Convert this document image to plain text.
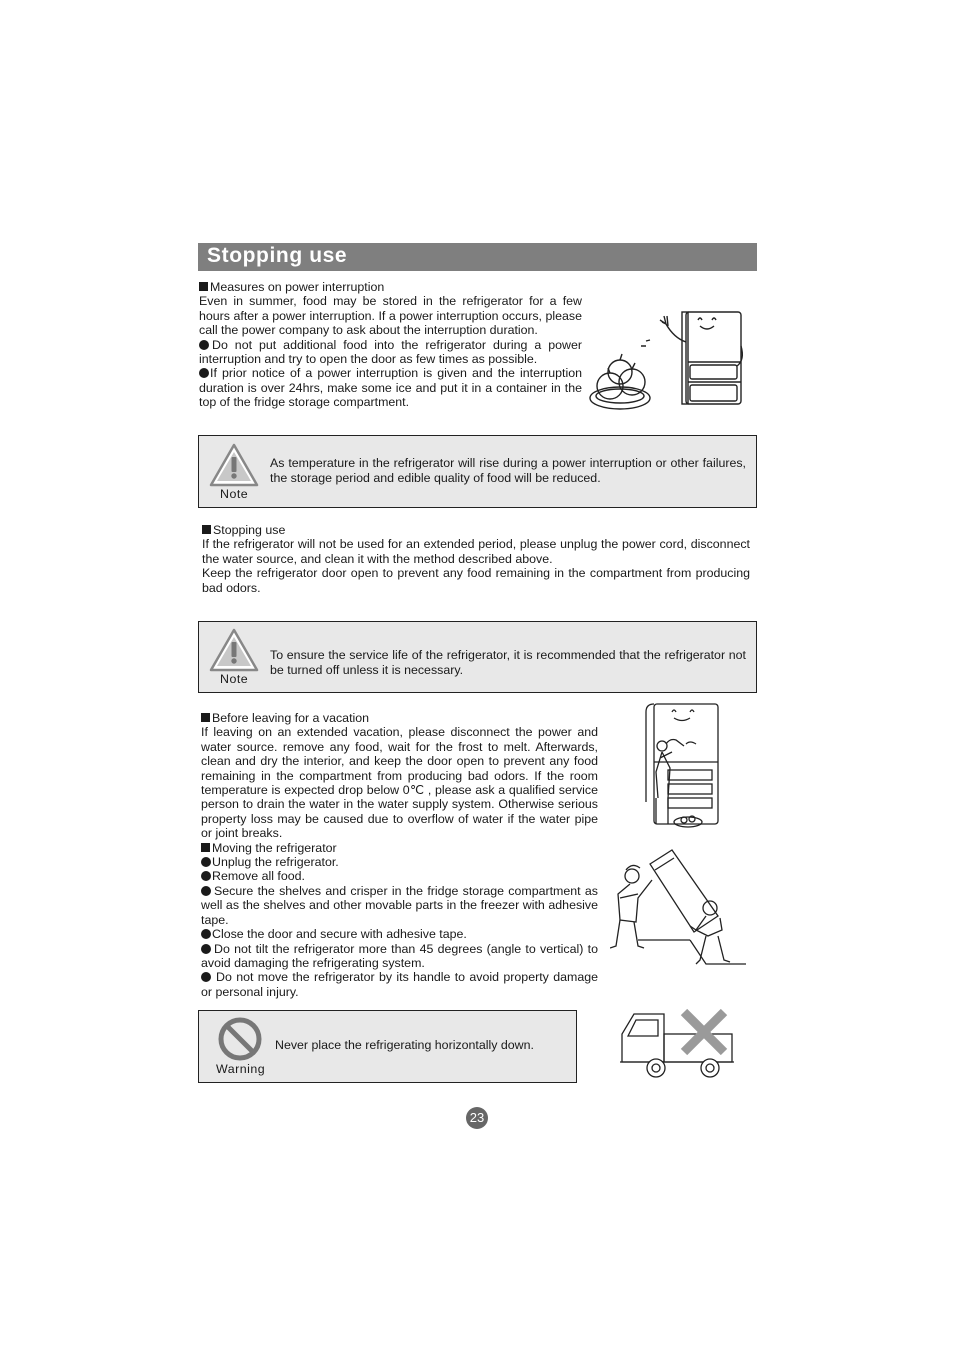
Stopping use

Measures on power interruption

Even in summer, food may be stored in the refrigerator for a few hours after a power interruption. If a power interruption occurs, please call the power company to ask about the interruption duration.

Do not put additional food into the refrigerator during a power interruption and try to open the door as few times as possible.

If prior notice of a power interruption is given and the interruption duration is over 24hrs, make some ice and put it in a container in the top of the fridge storage compartment.

Note
As temperature in the refrigerator will rise during a power interruption or other failures, the storage period and edible quality of food will be reduced.

Stopping use

If the refrigerator will not be used for an extended period, please unplug the power cord, disconnect the water source, and clean it with the method described above.

Keep the refrigerator door open to prevent any food remaining in the compartment from producing bad odors.

Note
To ensure the service life of the refrigerator, it is recommended that the refrigerator not be turned off unless it is necessary.

Before leaving for a vacation

If leaving on an extended vacation, please disconnect the power and water source. remove any food, wait for the frost to melt. Afterwards, clean and dry the interior, and keep the door open to prevent any food remaining in the compartment from producing bad odors. If the room temperature is expected drop below 0℃ , please ask a qualified service person to drain the water in the water supply system. Otherwise serious property loss may be caused due to overflow of water if the water pipe or joint breaks.

Moving the refrigerator

Unplug the refrigerator.

Remove all food.

Secure the shelves and crisper in the fridge storage compartment as well as the shelves and other movable parts in the freezer with adhesive tape.

Close the door and secure with adhesive tape.

Do not tilt the refrigerator more than 45 degrees (angle to vertical) to avoid damaging the refrigerating system.

Do not move the refrigerator by its handle to avoid property damage or personal injury.

Warning
Never place the refrigerating horizontally down.
23
